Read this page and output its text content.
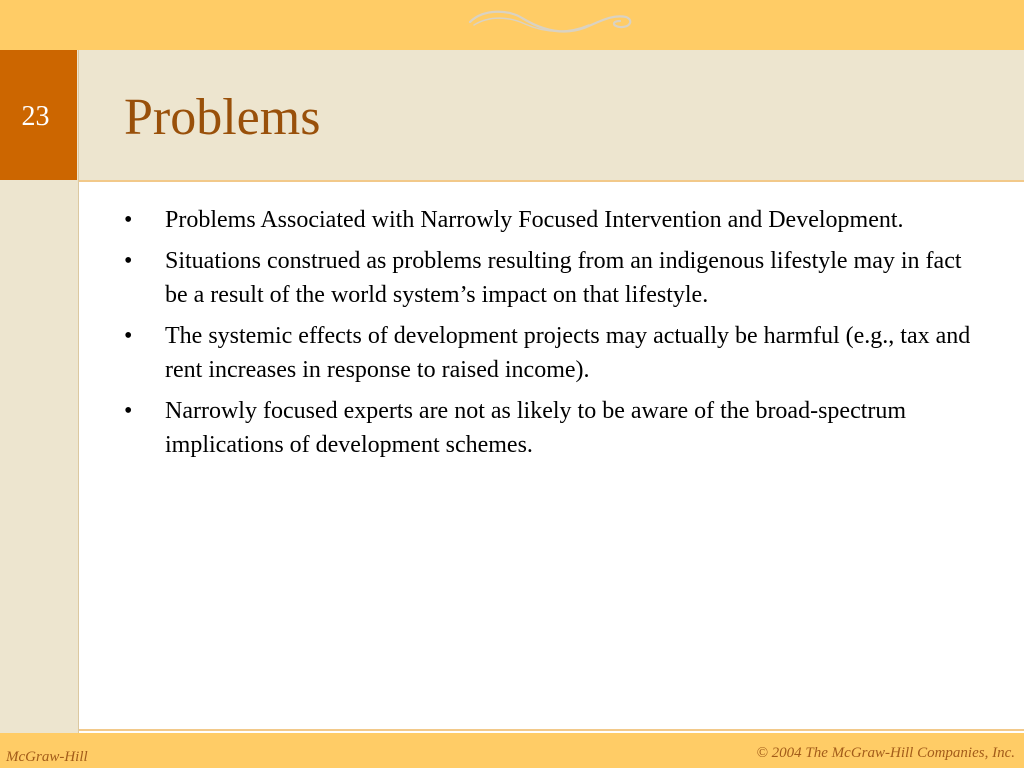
23	Problems
•	Problems Associated with Narrowly Focused Intervention and Development.
•	Situations construed as problems resulting from an indigenous lifestyle may in fact be a result of the world system’s impact on that lifestyle.
•	The systemic effects of development projects may actually be harmful (e.g., tax and rent increases in response to raised income).
•	Narrowly focused experts are not as likely to be aware of the broad-spectrum implications of development schemes.
McGraw-Hill	© 2004 The McGraw-Hill Companies, Inc.
